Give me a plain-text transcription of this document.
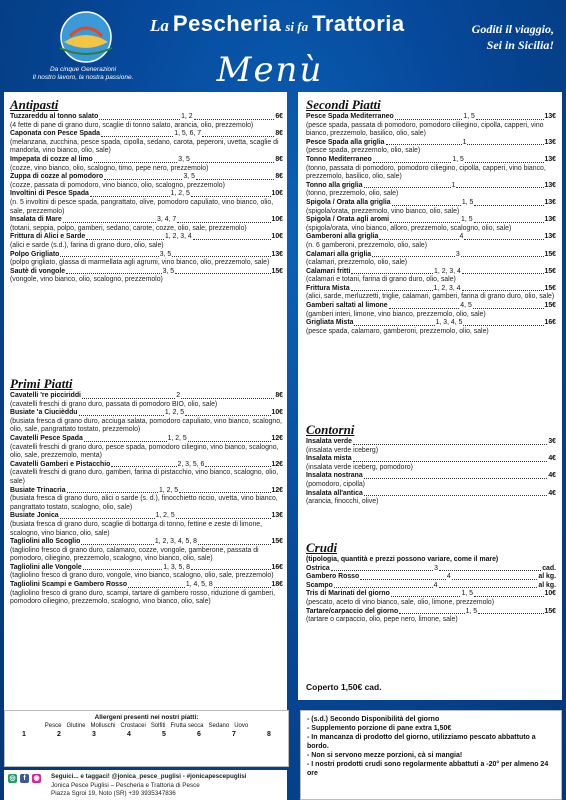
Da cinque Generazioni
Il nostro lavoro, la nostra passione.
La Pescheria si fa Trattoria	Goditi il viaggio,
Sei in Sicilia!
Menù
Antipasti
Tuzzareddu al tonno salato	1, 2	6€
(4 fette di pane di grano duro, scaglie di tonno salato, arancia, olio, prezzemolo)
Caponata con Pesce Spada	1, 5, 6, 7	8€
(melanzana, zucchina, pesce spada, cipolla, sedano, carota, peperoni, uvetta, scaglie di mandorla, vino bianco, olio, sale)
Impepata di cozze al limo	3, 5	8€
(cozze, vino bianco, olio, scalogno, timo, pepe nero, prezzemolo)
Zuppa di cozze al pomodoro	3, 5	8€
(cozze, passata di pomodoro, vino bianco, olio, scalogno, prezzemolo)
Involtini di Pesce Spada	1, 2, 5	10€
(n. 5 involtini di pesce spada, pangrattato, olive, pomodoro capuliato, vino bianco, olio, sale, prezzemolo)
Insalata di Mare	3, 4, 7	10€
(totani, seppia, polpo, gamberi, sedano, carote, cozze, olio, sale, prezzemolo)
Frittura di Alici e Sarde	1, 2, 3, 4	10€
(alici e sarde (s.d.), farina di grano duro, olio, sale)
Polpo Grigliato	3, 5	13€
(polpo grigliato, glassa di marmellata agli agrumi, vino bianco, olio, prezzemolo, sale)
Sautè di vongole	3, 5	15€
(vongole, vino bianco, olio, scalogno, prezzemolo)
Primi Piatti
Cavatelli 're picciriddi	2	8€
(cavatelli freschi di grano duro, passata di pomodoro BIO, olio, sale)
Busiate 'a Ciucièddu	1, 2, 5	10€
(busiata fresca di grano duro, acciuga salata, pomodoro capuliato, vino bianco, scalogno, olio, sale, pangrattato tostato, prezzemolo)
Cavatelli Pesce Spada	1, 2, 5	12€
(cavatelli freschi di grano duro, pesce spada, pomodoro ciliegino, vino bianco, scalogno, olio, sale, prezzemolo, menta)
Cavatelli Gamberi e Pistacchio	2, 3, 5, 6	12€
(cavatelli freschi di grano duro, gamberi, farina di pistacchio, vino bianco, scalogno, olio, sale)
Busiate Trinacria	1, 2, 5	12€
(busiata fresca di grano duro, alici o sarde (s. d.), finocchietto riccio, uvetta, vino bianco, pangrattato tostato, scalogno, olio, sale)
Busiate Jonica	1, 2, 5	13€
(busiata fresca di grano duro, scaglie di bottarga di tonno, fettine e zeste di limone, scalogno, vino bianco, olio, sale)
Tagliolini allo Scoglio	1, 2, 3, 4, 5, 8	15€
(tagliolino fresco di grano duro, calamaro, cozze, vongole, gamberone, passata di pomodoro, ciliegino, prezzemolo, scalogno, vino bianco, olio, sale)
Tagliolini alle Vongole	1, 3, 5, 8	16€
(tagliolino fresco di grano duro, vongole, vino bianco, scalogno, olio, sale, prezzemolo)
Tagliolini Scampi e Gambero Rosso	1, 4, 5, 8	18€
(tagliolino fresco di grano duro, scampi, tartare di gambero rosso, riduzione di gamberi, pomodoro ciliegino, prezzemolo, scalogno, vino bianco, olio, sale)
Secondi Piatti
Pesce Spada Mediterraneo	1, 5	13€
(pesce spada, passata di pomodoro, pomodoro ciliegino, cipolla, capperi, vino bianco, prezzemolo, basilico, olio, sale)
Pesce Spada alla griglia	1	13€
(pesce spada, prezzemolo, olio, sale)
Tonno Mediterraneo	1, 5	13€
(tonno, passata di pomodoro, pomodoro ciliegino, cipolla, capperi, vino bianco, prezzemolo, basilico, olio, sale)
Tonno alla griglia	1	13€
(tonno, prezzemolo, olio, sale)
Spigola / Orata alla griglia	1, 5	13€
(spigola/orata, prezzemolo, vino bianco, olio, sale)
Spigola / Orata agli aromi	1, 5	13€
(spigola/orata, vino bianco, alloro, prezzemolo, scalogno, olio, sale)
Gamberoni alla griglia	4	13€
(n. 6 gamberoni, prezzemolo, olio, sale)
Calamari alla griglia	3	15€
(calamari, prezzemolo, olio, sale)
Calamari fritti	1, 2, 3, 4	15€
(calamari e totani, farina di grano duro, olio, sale)
Frittura Mista	1, 2, 3, 4	15€
(alici, sarde, merluzzetti, triglie, calamari, gamberi, farina di grano duro, olio, sale)
Gamberi saltati al limone	4, 5	15€
(gamberi interi, limone, vino bianco, prezzemolo, olio, sale)
Grigliata Mista	1, 3, 4, 5	16€
(pesce spada, calamaro, gamberoni, prezzemolo, olio, sale)
Contorni
Insalata verde	3€
(insalata verde iceberg)
Insalata mista	4€
(insalata verde iceberg, pomodoro)
Insalata nostrana	4€
(pomodoro, cipolla)
Insalata all'antica	4€
(arancia, finocchi, olive)
Crudi
(tipologia, quantità e prezzi possono variare, come il mare)
Ostrica	3	cad.
Gambero Rosso	4	al kg.
Scampo	4	al kg.
Tris di Marinati del giorno	1, 5	10€
(pescato, aceto di vino bianco, sale, olio, limone, prezzemolo)
Tartare/carpaccio del giorno	1, 5	15€
(tartare o carpaccio, olio, pepe nero, limone, sale)
Coperto 1,50€ cad.
Allergeni presenti nei nostri piatti:
Pesce Glutine Molluschi Crostacei Solfiti Frutta secca Sedano Uovo
1	2	3	4	5	6	7	8
◎	f	◉ Seguici... e taggaci! @jonica_pesce_puglisi - #jonicapescepuglisi
Jonica Pesce Puglisi – Pescheria e Trattoria di Pesce
Piazza Sgroi 19, Noto (SR) +39 3935347836
- (s.d.) Secondo Disponibilità del giorno
- Supplemento porzione di pane extra 1,50€
- In mancanza di prodotto del giorno, utilizziamo pescato abbattuto a bordo.
- Non si servono mezze porzioni, cà si mangia!
- I nostri prodotti crudi sono regolarmente abbattuti a -20° per almeno 24 ore
